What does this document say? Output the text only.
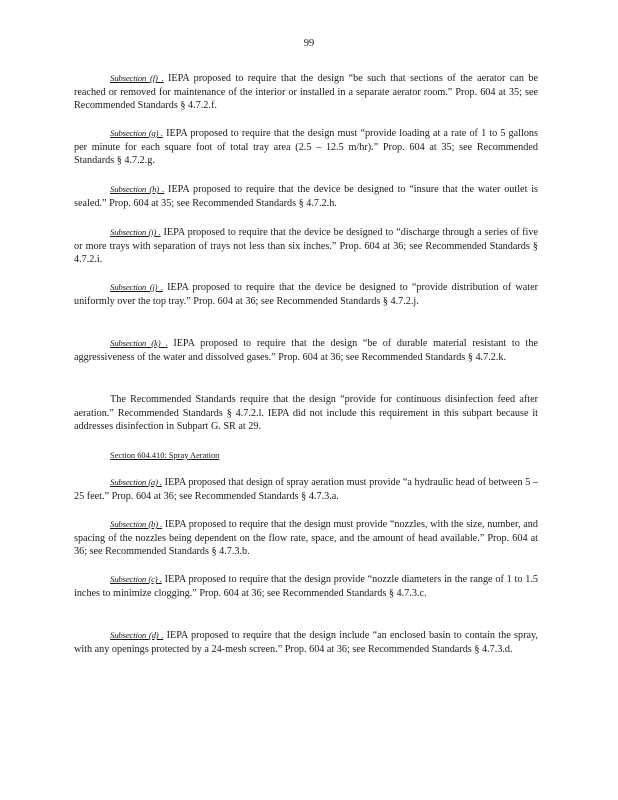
99

Subsection (f) . IEPA proposed to require that the design “be such that sections of the aerator can be reached or removed for maintenance of the interior or installed in a separate aerator room.” Prop. 604 at 35; see Recommended Standards § 4.7.2.f.

Subsection (g) . IEPA proposed to require that the design must “provide loading at a rate of 1 to 5 gallons per minute for each square foot of total tray area (2.5 – 12.5 m/hr).” Prop. 604 at 35; see Recommended Standards § 4.7.2.g.

Subsection (h) . IEPA proposed to require that the device be designed to “insure that the water outlet is sealed.” Prop. 604 at 35; see Recommended Standards § 4.7.2.h.

Subsection (i) . IEPA proposed to require that the device be designed to “discharge through a series of five or more trays with separation of trays not less than six inches.” Prop. 604 at 36; see Recommended Standards § 4.7.2.i.

Subsection (j) . IEPA proposed to require that the device be designed to “provide distribution of water uniformly over the top tray.” Prop. 604 at 36; see Recommended Standards § 4.7.2.j.

Subsection (k) . IEPA proposed to require that the design “be of durable material resistant to the aggressiveness of the water and dissolved gases.” Prop. 604 at 36; see Recommended Standards § 4.7.2.k.

The Recommended Standards require that the design “provide for continuous disinfection feed after aeration.” Recommended Standards § 4.7.2.l. IEPA did not include this requirement in this subpart because it addresses disinfection in Subpart G. SR at 29.

Section 604.410: Spray Aeration

Subsection (a) . IEPA proposed that design of spray aeration must provide “a hydraulic head of between 5 – 25 feet.” Prop. 604 at 36; see Recommended Standards § 4.7.3.a.

Subsection (b) . IEPA proposed to require that the design must provide “nozzles, with the size, number, and spacing of the nozzles being dependent on the flow rate, space, and the amount of head available.” Prop. 604 at 36; see Recommended Standards § 4.7.3.b.

Subsection (c) . IEPA proposed to require that the design provide “nozzle diameters in the range of 1 to 1.5 inches to minimize clogging.” Prop. 604 at 36; see Recommended Standards § 4.7.3.c.

Subsection (d) . IEPA proposed to require that the design include “an enclosed basin to contain the spray, with any openings protected by a 24-mesh screen.” Prop. 604 at 36; see Recommended Standards § 4.7.3.d.
